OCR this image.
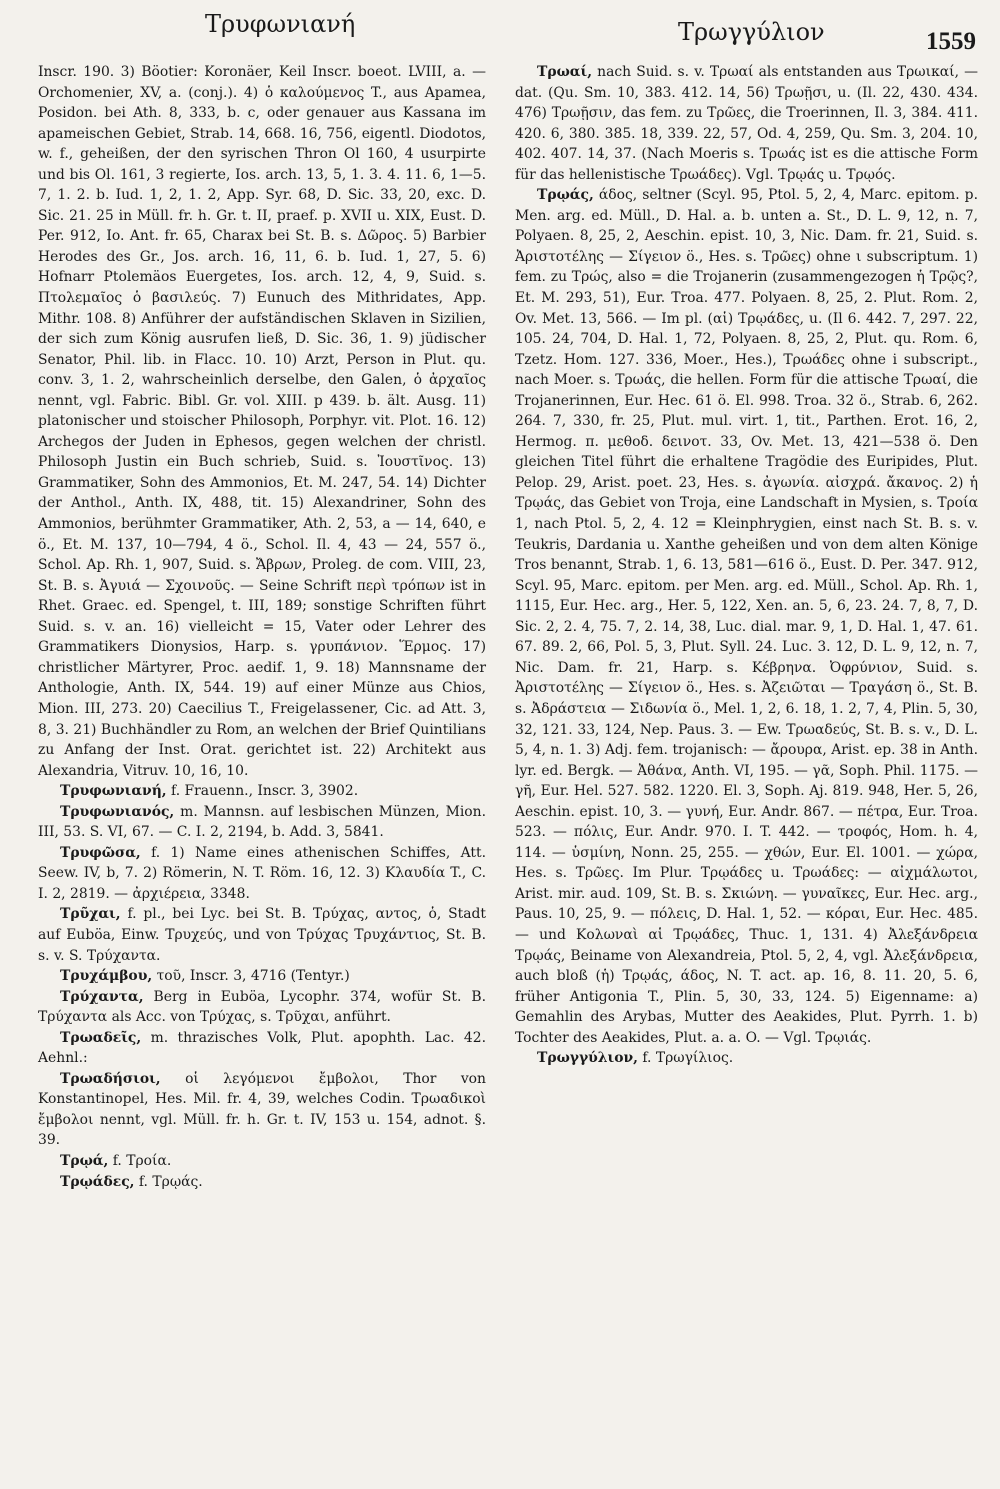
Τρυφωνιανή	Τρωγγύλιον	1559

Inscr. 190. 3) Böotier: Koronäer, Keil Inscr. boeot. LVIII, a. — Orchomenier, XV, a. (conj.). 4) ὁ καλούμενος T., aus Apamea, Posidon. bei Ath. 8, 333, b. c, oder genauer aus Kassana im apameischen Gebiet, Strab. 14, 668. 16, 756, eigentl. Diodotos, w. f., geheißen, der den syrischen Thron Ol 160, 4 usurpirte und bis Ol. 161, 3 regierte, Ios. arch. 13, 5, 1. 3. 4. 11. 6, 1—5. 7, 1. 2. b. Iud. 1, 2, 1. 2, App. Syr. 68, D. Sic. 33, 20, exc. D. Sic. 21. 25 in Müll. fr. h. Gr. t. II, praef. p. XVII u. XIX, Eust. D. Per. 912, Io. Ant. fr. 65, Charax bei St. B. s. Δῶρος. 5) Barbier Herodes des Gr., Jos. arch. 16, 11, 6. b. Iud. 1, 27, 5. 6) Hofnarr Ptolemäos Euergetes, Ios. arch. 12, 4, 9, Suid. s. Πτολεμαῖος ὁ βασιλεύς. 7) Eunuch des Mithridates, App. Mithr. 108. 8) Anführer der aufständischen Sklaven in Sizilien, der sich zum König ausrufen ließ, D. Sic. 36, 1. 9) jüdischer Senator, Phil. lib. in Flacc. 10. 10) Arzt, Person in Plut. qu. conv. 3, 1. 2, wahrscheinlich derselbe, den Galen, ὁ ἀρχαῖος nennt, vgl. Fabric. Bibl. Gr. vol. XIII. p 439. b. ält. Ausg. 11) platonischer und stoischer Philosoph, Porphyr. vit. Plot. 16. 12) Archegos der Juden in Ephesos, gegen welchen der christl. Philosoph Justin ein Buch schrieb, Suid. s. Ἰουστῖνος. 13) Grammatiker, Sohn des Ammonios, Et. M. 247, 54. 14) Dichter der Anthol., Anth. IX, 488, tit. 15) Alexandriner, Sohn des Ammonios, berühmter Grammatiker, Ath. 2, 53, a — 14, 640, e ö., Et. M. 137, 10—794, 4 ö., Schol. Il. 4, 43 — 24, 557 ö., Schol. Ap. Rh. 1, 907, Suid. s. Ἄβρων, Proleg. de com. VIII, 23, St. B. s. Ἀγυιά — Σχοινοῦς. — Seine Schrift περὶ τρόπων ist in Rhet. Graec. ed. Spengel, t. III, 189; sonstige Schriften führt Suid. s. v. an. 16) vielleicht = 15, Vater oder Lehrer des Grammatikers Dionysios, Harp. s. γρυπάνιον. Ἕρμος. 17) christlicher Märtyrer, Proc. aedif. 1, 9. 18) Mannsname der Anthologie, Anth. IX, 544. 19) auf einer Münze aus Chios, Mion. III, 273. 20) Caecilius T., Freigelassener, Cic. ad Att. 3, 8, 3. 21) Buchhändler zu Rom, an welchen der Brief Quintilians zu Anfang der Inst. Orat. gerichtet ist. 22) Architekt aus Alexandria, Vitruv. 10, 16, 10.

Τρυφωνιανή, f. Frauenn., Inscr. 3, 3902.

Τρυφωνιανός, m. Mannsn. auf lesbischen Münzen, Mion. III, 53. S. VI, 67. — C. I. 2, 2194, b. Add. 3, 5841.

Τρυφῶσα, f. 1) Name eines athenischen Schiffes, Att. Seew. IV, b, 7. 2) Römerin, N. T. Röm. 16, 12. 3) Κλαυδία T., C. I. 2, 2819. — ἀρχιέρεια, 3348.

Τρῦχαι, f. pl., bei Lyc. bei St. B. Τρύχας, αντος, ὁ, Stadt auf Euböa, Einw. Τρυχεύς, und von Τρύχας Τρυχάντιος, St. B. s. v. S. Τρύχαντα.

Τρυχάμβου, τοῦ, Inscr. 3, 4716 (Tentyr.)

Τρύχαντα, Berg in Euböa, Lycophr. 374, wofür St. B. Τρύχαντα als Acc. von Τρύχας, s. Τρῦχαι, anführt.

Τρωαδεῖς, m. thrazisches Volk, Plut. apophth. Lac. 42. Aehnl.:

Τρωαδήσιοι, οἱ λεγόμενοι ἔμβολοι, Thor von Konstantinopel, Hes. Mil. fr. 4, 39, welches Codin. Τρωαδικοὶ ἔμβολοι nennt, vgl. Müll. fr. h. Gr. t. IV, 153 u. 154, adnot. §. 39.

Τρῳά, f. Τροία.

Τρῳάδες, f. Τρῳάς.

Τρωαί, nach Suid. s. v. Τρωαί als entstanden aus Τρωικαί, — dat. (Qu. Sm. 10, 383. 412. 14, 56) Τρωῇσι, u. (Il. 22, 430. 434. 476) Τρωῇσιν, das fem. zu Τρῶες, die Troerinnen, Il. 3, 384. 411. 420. 6, 380. 385. 18, 339. 22, 57, Od. 4, 259, Qu. Sm. 3, 204. 10, 402. 407. 14, 37. (Nach Moeris s. Τρωάς ist es die attische Form für das hellenistische Τρωάδες). Vgl. Τρῳάς u. Τρῳός.

Τρῳάς, άδος, seltner (Scyl. 95, Ptol. 5, 2, 4, Marc. epitom. p. Men. arg. ed. Müll., D. Hal. a. b. unten a. St., D. L. 9, 12, n. 7, Polyaen. 8, 25, 2, Aeschin. epist. 10, 3, Nic. Dam. fr. 21, Suid. s. Ἀριστοτέλης — Σίγειον ö., Hes. s. Τρῶες) ohne ι subscriptum. 1) fem. zu Τρώς, also = die Trojanerin (zusammengezogen ἡ Τρῷς?, Et. M. 293, 51), Eur. Troa. 477. Polyaen. 8, 25, 2. Plut. Rom. 2, Ov. Met. 13, 566. — Im pl. (αἱ) Τρῳάδες, u. (Il 6. 442. 7, 297. 22, 105. 24, 704, D. Hal. 1, 72, Polyaen. 8, 25, 2, Plut. qu. Rom. 6, Tzetz. Hom. 127. 336, Moer., Hes.), Τρωάδες ohne i subscript., nach Moer. s. Τρωάς, die hellen. Form für die attische Τρωαί, die Trojanerinnen, Eur. Hec. 61 ö. El. 998. Troa. 32 ö., Strab. 6, 262. 264. 7, 330, fr. 25, Plut. mul. virt. 1, tit., Parthen. Erot. 16, 2, Hermog. π. μεθοδ. δεινοτ. 33, Ov. Met. 13, 421—538 ö. Den gleichen Titel führt die erhaltene Tragödie des Euripides, Plut. Pelop. 29, Arist. poet. 23, Hes. s. ἀγωνία. αἰσχρά. ἄκανος. 2) ἡ Τρῳάς, das Gebiet von Troja, eine Landschaft in Mysien, s. Τροία 1, nach Ptol. 5, 2, 4. 12 = Kleinphrygien, einst nach St. B. s. v. Teukris, Dardania u. Xanthe geheißen und von dem alten Könige Tros benannt, Strab. 1, 6. 13, 581—616 ö., Eust. D. Per. 347. 912, Scyl. 95, Marc. epitom. per Men. arg. ed. Müll., Schol. Ap. Rh. 1, 1115, Eur. Hec. arg., Her. 5, 122, Xen. an. 5, 6, 23. 24. 7, 8, 7, D. Sic. 2, 2. 4, 75. 7, 2. 14, 38, Luc. dial. mar. 9, 1, D. Hal. 1, 47. 61. 67. 89. 2, 66, Pol. 5, 3, Plut. Syll. 24. Luc. 3. 12, D. L. 9, 12, n. 7, Nic. Dam. fr. 21, Harp. s. Κέβρηνα. Ὀφρύνιον, Suid. s. Ἀριστοτέλης — Σίγειον ö., Hes. s. Ἀζειῶται — Τραγάση ö., St. B. s. Ἀδράστεια — Σιδωνία ö., Mel. 1, 2, 6. 18, 1. 2, 7, 4, Plin. 5, 30, 32, 121. 33, 124, Nep. Paus. 3. — Ew. Τρωαδεύς, St. B. s. v., D. L. 5, 4, n. 1. 3) Adj. fem. trojanisch: — ἄρουρα, Arist. ep. 38 in Anth. lyr. ed. Bergk. — Ἀθάνα, Anth. VI, 195. — γᾶ, Soph. Phil. 1175. — γῆ, Eur. Hel. 527. 582. 1220. El. 3, Soph. Aj. 819. 948, Her. 5, 26, Aeschin. epist. 10, 3. — γυνή, Eur. Andr. 867. — πέτρα, Eur. Troa. 523. — πόλις, Eur. Andr. 970. I. T. 442. — τροφός, Hom. h. 4, 114. — ὑσμίνη, Nonn. 25, 255. — χθών, Eur. El. 1001. — χώρα, Hes. s. Τρῶες. Im Plur. Τρῳάδες u. Τρωάδες: — αἰχμάλωτοι, Arist. mir. aud. 109, St. B. s. Σκιώνη. — γυναῖκες, Eur. Hec. arg., Paus. 10, 25, 9. — πόλεις, D. Hal. 1, 52. — κόραι, Eur. Hec. 485. — und Κολωναὶ αἱ Τρῳάδες, Thuc. 1, 131. 4) Ἀλεξάνδρεια Τρῳάς, Beiname von Alexandreia, Ptol. 5, 2, 4, vgl. Ἀλεξάνδρεια, auch bloß (ἡ) Τρῳάς, άδος, N. T. act. ap. 16, 8. 11. 20, 5. 6, früher Antigonia T., Plin. 5, 30, 33, 124. 5) Eigenname: a) Gemahlin des Arybas, Mutter des Aeakides, Plut. Pyrrh. 1. b) Tochter des Aeakides, Plut. a. a. O. — Vgl. Τρῳιάς.

Τρωγγύλιον, f. Τρωγίλιος.
